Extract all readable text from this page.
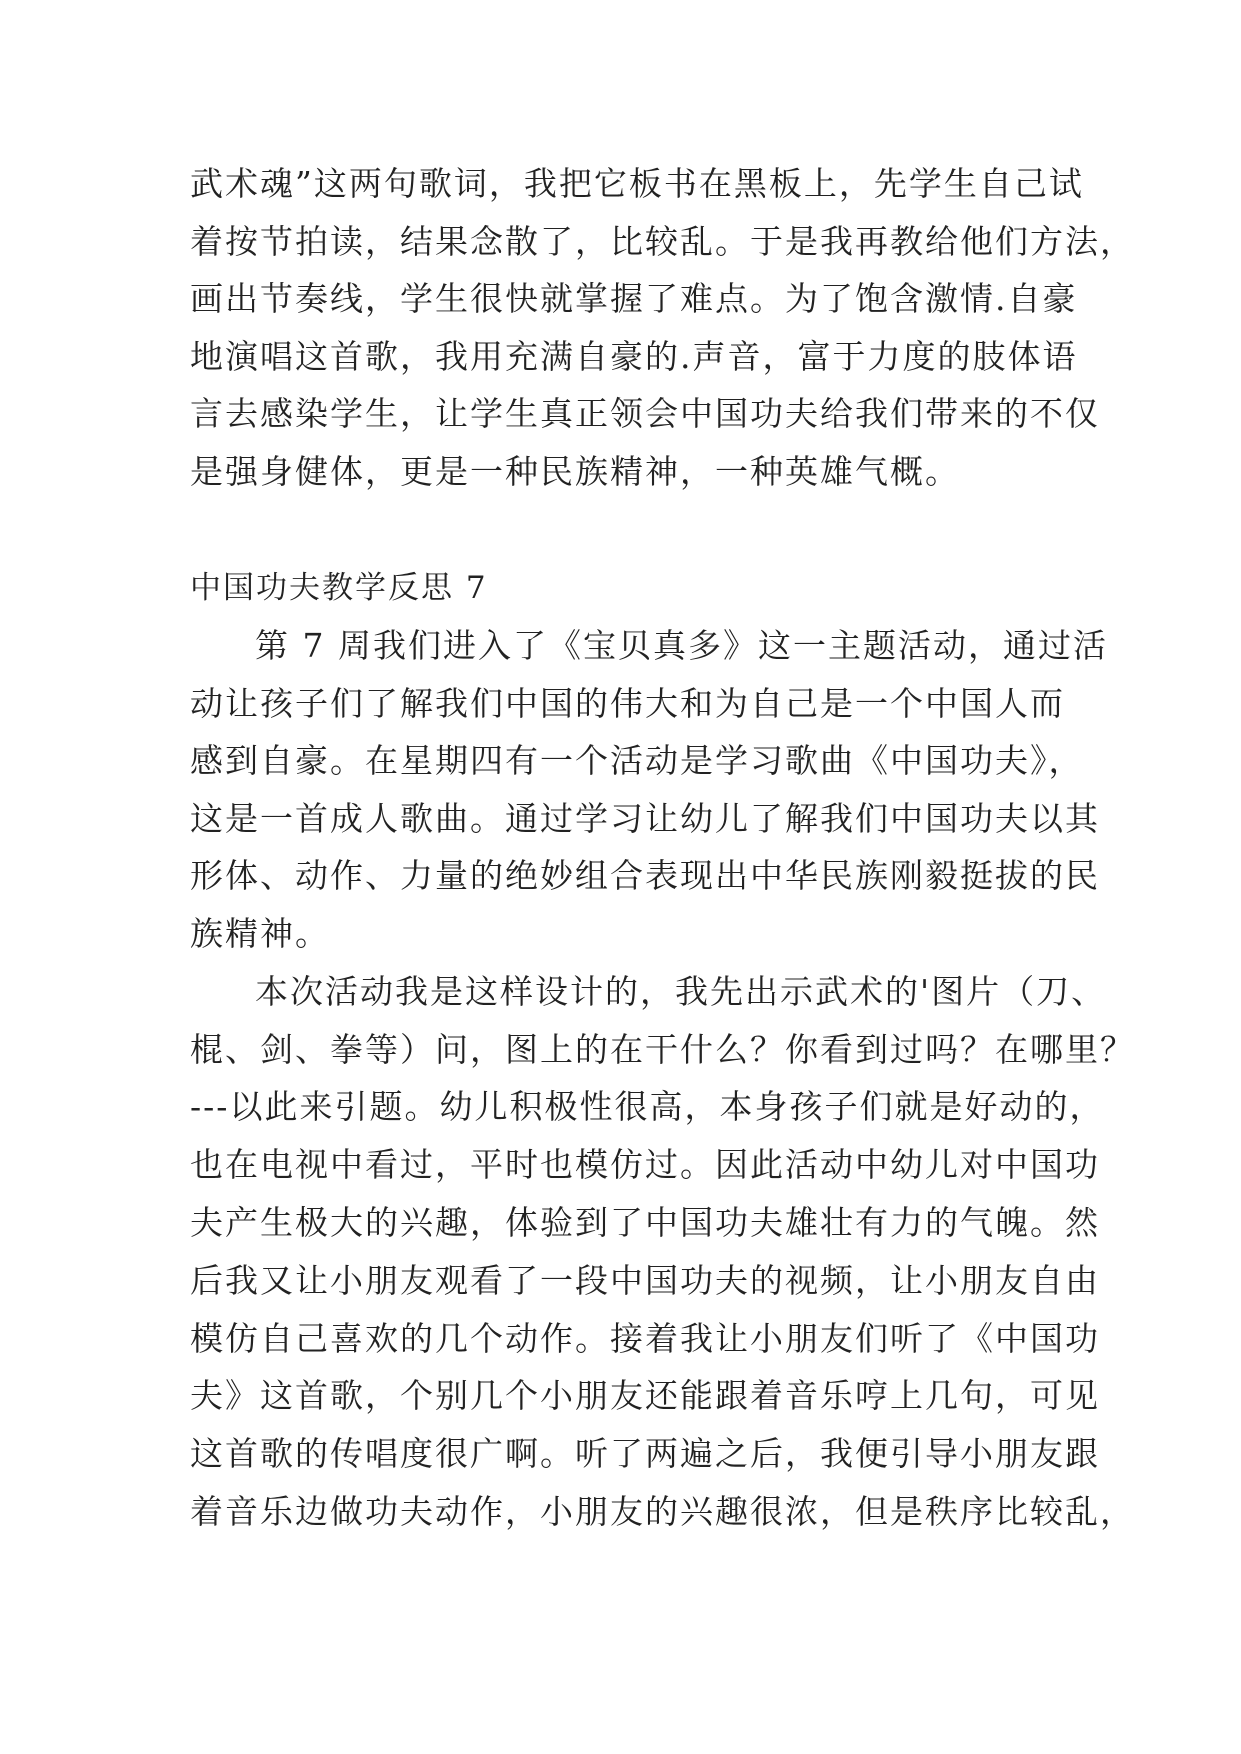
武术魂”这两句歌词，我把它板书在黑板上，先学生自己试
着按节拍读，结果念散了，比较乱。于是我再教给他们方法，
画出节奏线，学生很快就掌握了难点。为了饱含激情.自豪
地演唱这首歌，我用充满自豪的.声音，富于力度的肢体语
言去感染学生，让学生真正领会中国功夫给我们带来的不仅
是强身健体，更是一种民族精神，一种英雄气概。
中国功夫教学反思 7
第 7 周我们进入了《宝贝真多》这一主题活动，通过活
动让孩子们了解我们中国的伟大和为自己是一个中国人而
感到自豪。在星期四有一个活动是学习歌曲《中国功夫》，
这是一首成人歌曲。通过学习让幼儿了解我们中国功夫以其
形体、动作、力量的绝妙组合表现出中华民族刚毅挺拔的民
族精神。
本次活动我是这样设计的，我先出示武术的'图片（刀、
棍、剑、拳等）问，图上的在干什么？你看到过吗？在哪里？
---以此来引题。幼儿积极性很高，本身孩子们就是好动的，
也在电视中看过，平时也模仿过。因此活动中幼儿对中国功
夫产生极大的兴趣，体验到了中国功夫雄壮有力的气魄。然
后我又让小朋友观看了一段中国功夫的视频，让小朋友自由
模仿自己喜欢的几个动作。接着我让小朋友们听了《中国功
夫》这首歌，个别几个小朋友还能跟着音乐哼上几句，可见
这首歌的传唱度很广啊。听了两遍之后，我便引导小朋友跟
着音乐边做功夫动作，小朋友的兴趣很浓，但是秩序比较乱，
